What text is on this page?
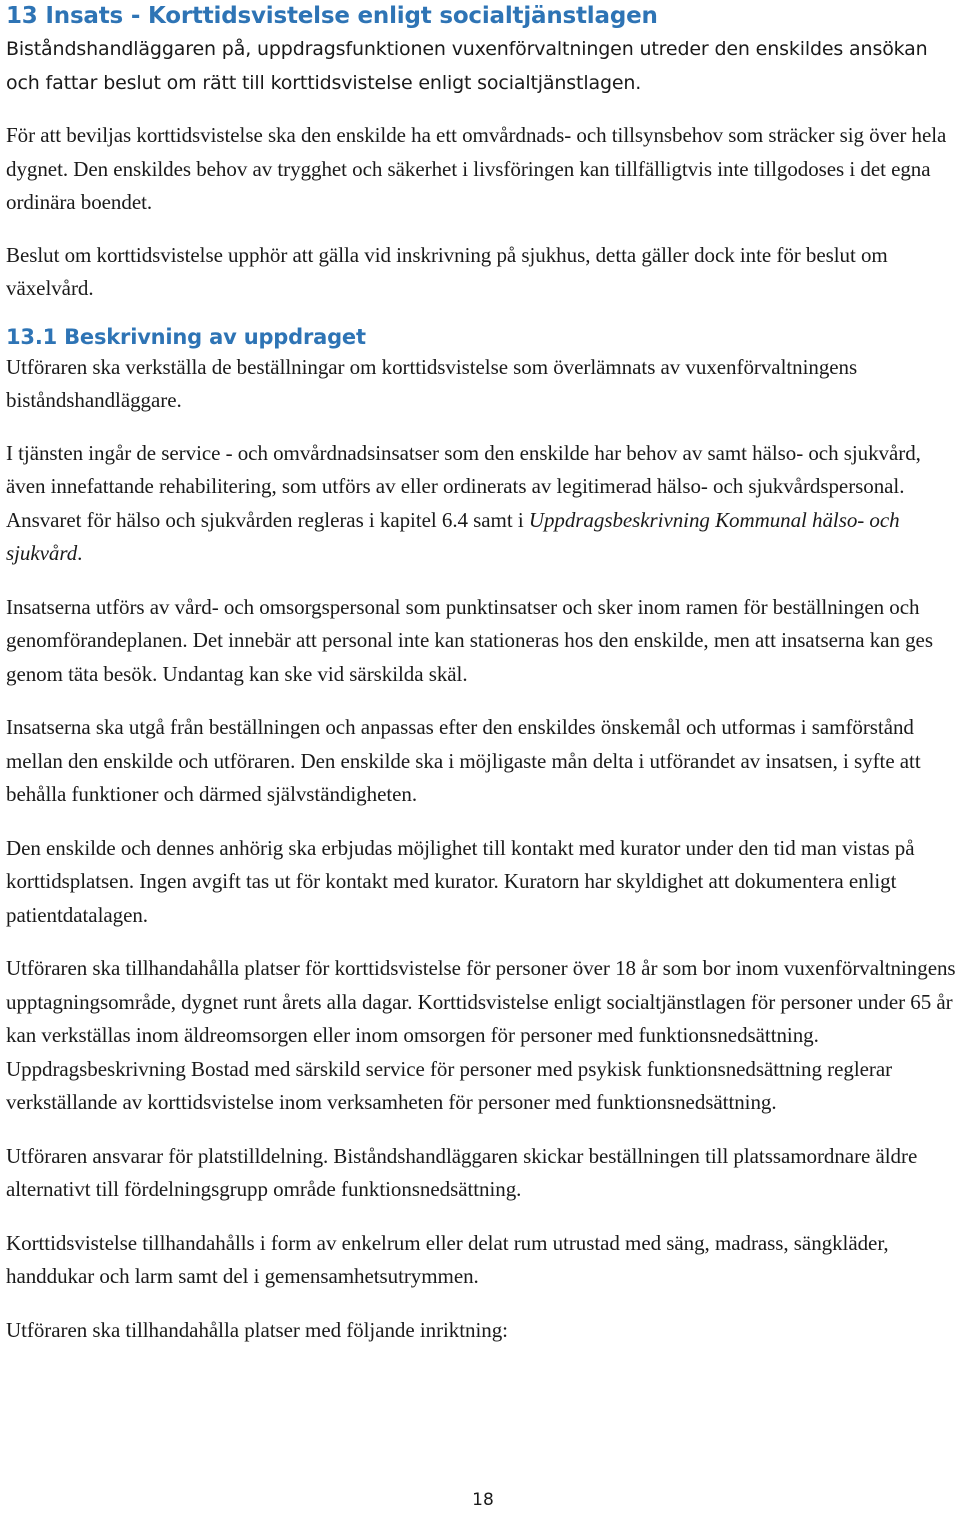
13 Insats - Korttidsvistelse enligt socialtjänstlagen

Biståndshandläggaren på, uppdragsfunktionen vuxenförvaltningen utreder den enskildes ansökan och fattar beslut om rätt till korttidsvistelse enligt socialtjänstlagen.

För att beviljas korttidsvistelse ska den enskilde ha ett omvårdnads- och tillsynsbehov som sträcker sig över hela dygnet. Den enskildes behov av trygghet och säkerhet i livsföringen kan tillfälligtvis inte tillgodoses i det egna ordinära boendet.

Beslut om korttidsvistelse upphör att gälla vid inskrivning på sjukhus, detta gäller dock inte för beslut om växelvård.

13.1 Beskrivning av uppdraget

Utföraren ska verkställa de beställningar om korttidsvistelse som överlämnats av vuxenförvaltningens biståndshandläggare.

I tjänsten ingår de service - och omvårdnadsinsatser som den enskilde har behov av samt hälso- och sjukvård, även innefattande rehabilitering, som utförs av eller ordinerats av legitimerad hälso- och sjukvårdspersonal. Ansvaret för hälso och sjukvården regleras i kapitel 6.4 samt i Uppdragsbeskrivning Kommunal hälso- och sjukvård.

Insatserna utförs av vård- och omsorgspersonal som punktinsatser och sker inom ramen för beställningen och genomförandeplanen. Det innebär att personal inte kan stationeras hos den enskilde, men att insatserna kan ges genom täta besök. Undantag kan ske vid särskilda skäl.

Insatserna ska utgå från beställningen och anpassas efter den enskildes önskemål och utformas i samförstånd mellan den enskilde och utföraren. Den enskilde ska i möjligaste mån delta i utförandet av insatsen, i syfte att behålla funktioner och därmed självständigheten.

Den enskilde och dennes anhörig ska erbjudas möjlighet till kontakt med kurator under den tid man vistas på korttidsplatsen. Ingen avgift tas ut för kontakt med kurator. Kuratorn har skyldighet att dokumentera enligt patientdatalagen.

Utföraren ska tillhandahålla platser för korttidsvistelse för personer över 18 år som bor inom vuxenförvaltningens upptagningsområde, dygnet runt årets alla dagar. Korttidsvistelse enligt socialtjänstlagen för personer under 65 år kan verkställas inom äldreomsorgen eller inom omsorgen för personer med funktionsnedsättning. Uppdragsbeskrivning Bostad med särskild service för personer med psykisk funktionsnedsättning reglerar verkställande av korttidsvistelse inom verksamheten för personer med funktionsnedsättning.

Utföraren ansvarar för platstilldelning. Biståndshandläggaren skickar beställningen till platssamordnare äldre alternativt till fördelningsgrupp område funktionsnedsättning.

Korttidsvistelse tillhandahålls i form av enkelrum eller delat rum utrustad med säng, madrass, sängkläder, handdukar och larm samt del i gemensamhetsutrymmen.

Utföraren ska tillhandahålla platser med följande inriktning:

18
